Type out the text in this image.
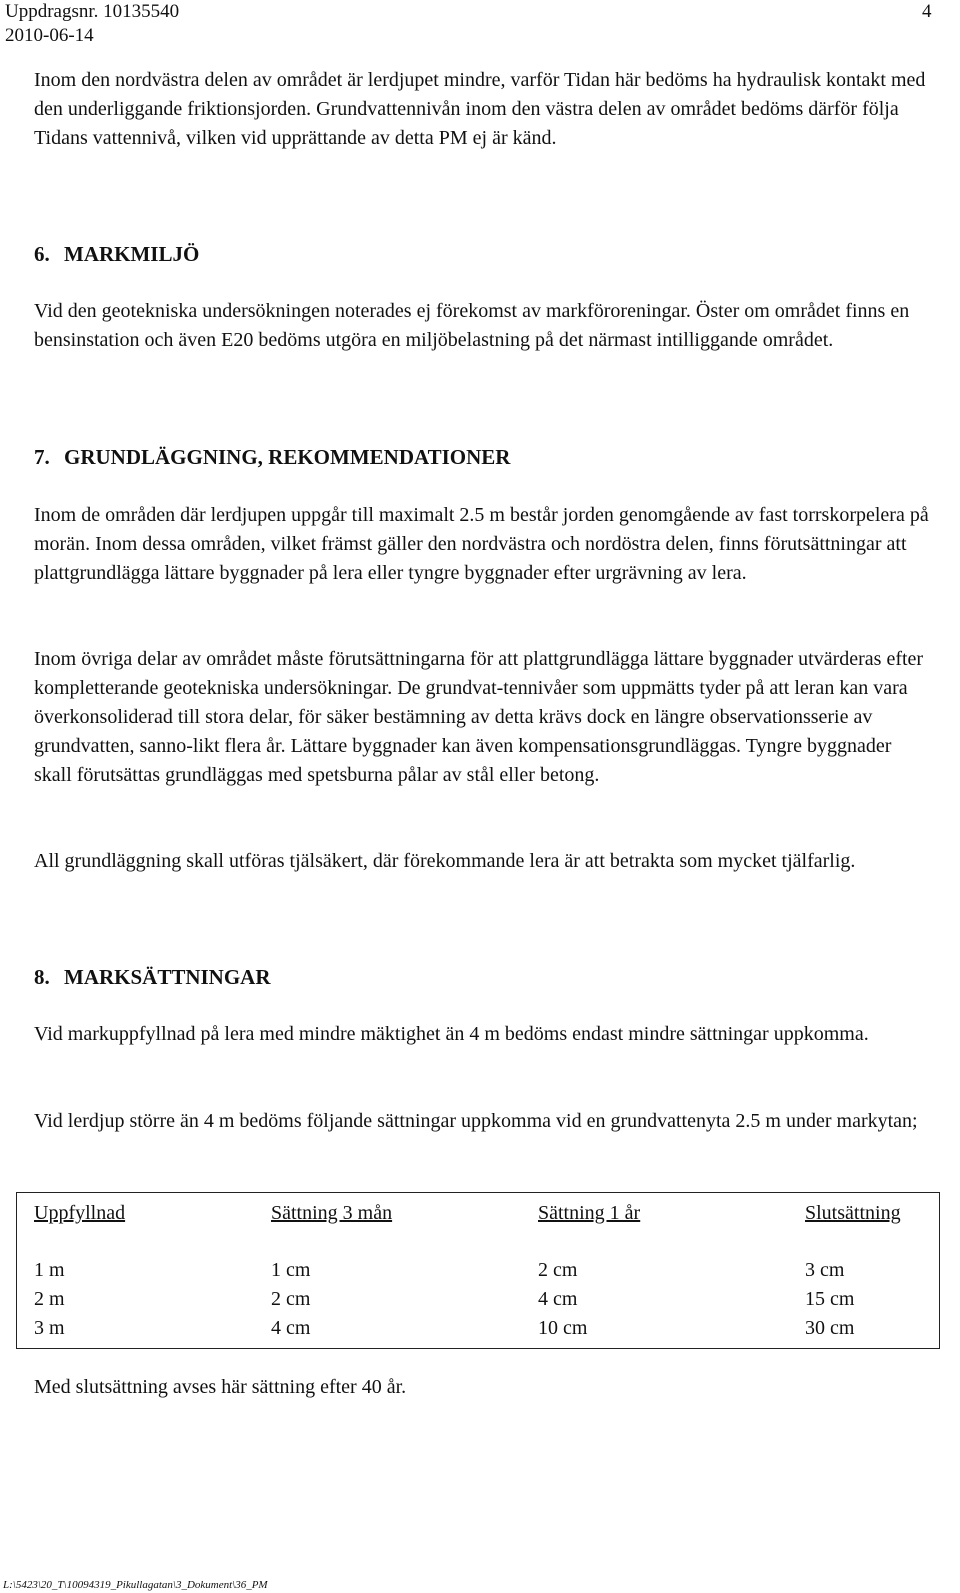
Uppdragsnr. 10135540
2010-06-14
4

Inom den nordvästra delen av området är lerdjupet mindre, varför Tidan här bedöms ha hydraulisk kontakt med den underliggande friktionsjorden. Grundvattennivån inom den västra delen av området bedöms därför följa Tidans vattennivå, vilken vid upprättande av detta PM ej är känd.

6. MARKMILJÖ

Vid den geotekniska undersökningen noterades ej förekomst av markföroreningar. Öster om området finns en bensinstation och även E20 bedöms utgöra en miljöbelastning på det närmast intilliggande området.

7. GRUNDLÄGGNING, REKOMMENDATIONER

Inom de områden där lerdjupen uppgår till maximalt 2.5 m består jorden genomgående av fast torrskorpelera på morän. Inom dessa områden, vilket främst gäller den nordvästra och nordöstra delen, finns förutsättningar att plattgrundlägga lättare byggnader på lera eller tyngre byggnader efter urgrävning av lera.

Inom övriga delar av området måste förutsättningarna för att plattgrundlägga lättare byggnader utvärderas efter kompletterande geotekniska undersökningar. De grundvat-tennivåer som uppmätts tyder på att leran kan vara överkonsoliderad till stora delar, för säker bestämning av detta krävs dock en längre observationsserie av grundvatten, sanno-likt flera år. Lättare byggnader kan även kompensationsgrundläggas. Tyngre byggnader skall förutsättas grundläggas med spetsburna pålar av stål eller betong.

All grundläggning skall utföras tjälsäkert, där förekommande lera är att betrakta som mycket tjälfarlig.

8. MARKSÄTTNINGAR

Vid markuppfyllnad på lera med mindre mäktighet än 4 m bedöms endast mindre sättningar uppkomma.

Vid lerdjup större än 4 m bedöms följande sättningar uppkomma vid en grundvattenyta 2.5 m under markytan;

Uppfyllnad	Sättning 3 mån	Sättning 1 år	Slutsättning
1 m	1 cm	2 cm	3 cm
2 m	2 cm	4 cm	15 cm
3 m	4 cm	10 cm	30 cm

Med slutsättning avses här sättning efter 40 år.

L:\5423\20_T\10094319_Pikullagatan\3_Dokument\36_PM
